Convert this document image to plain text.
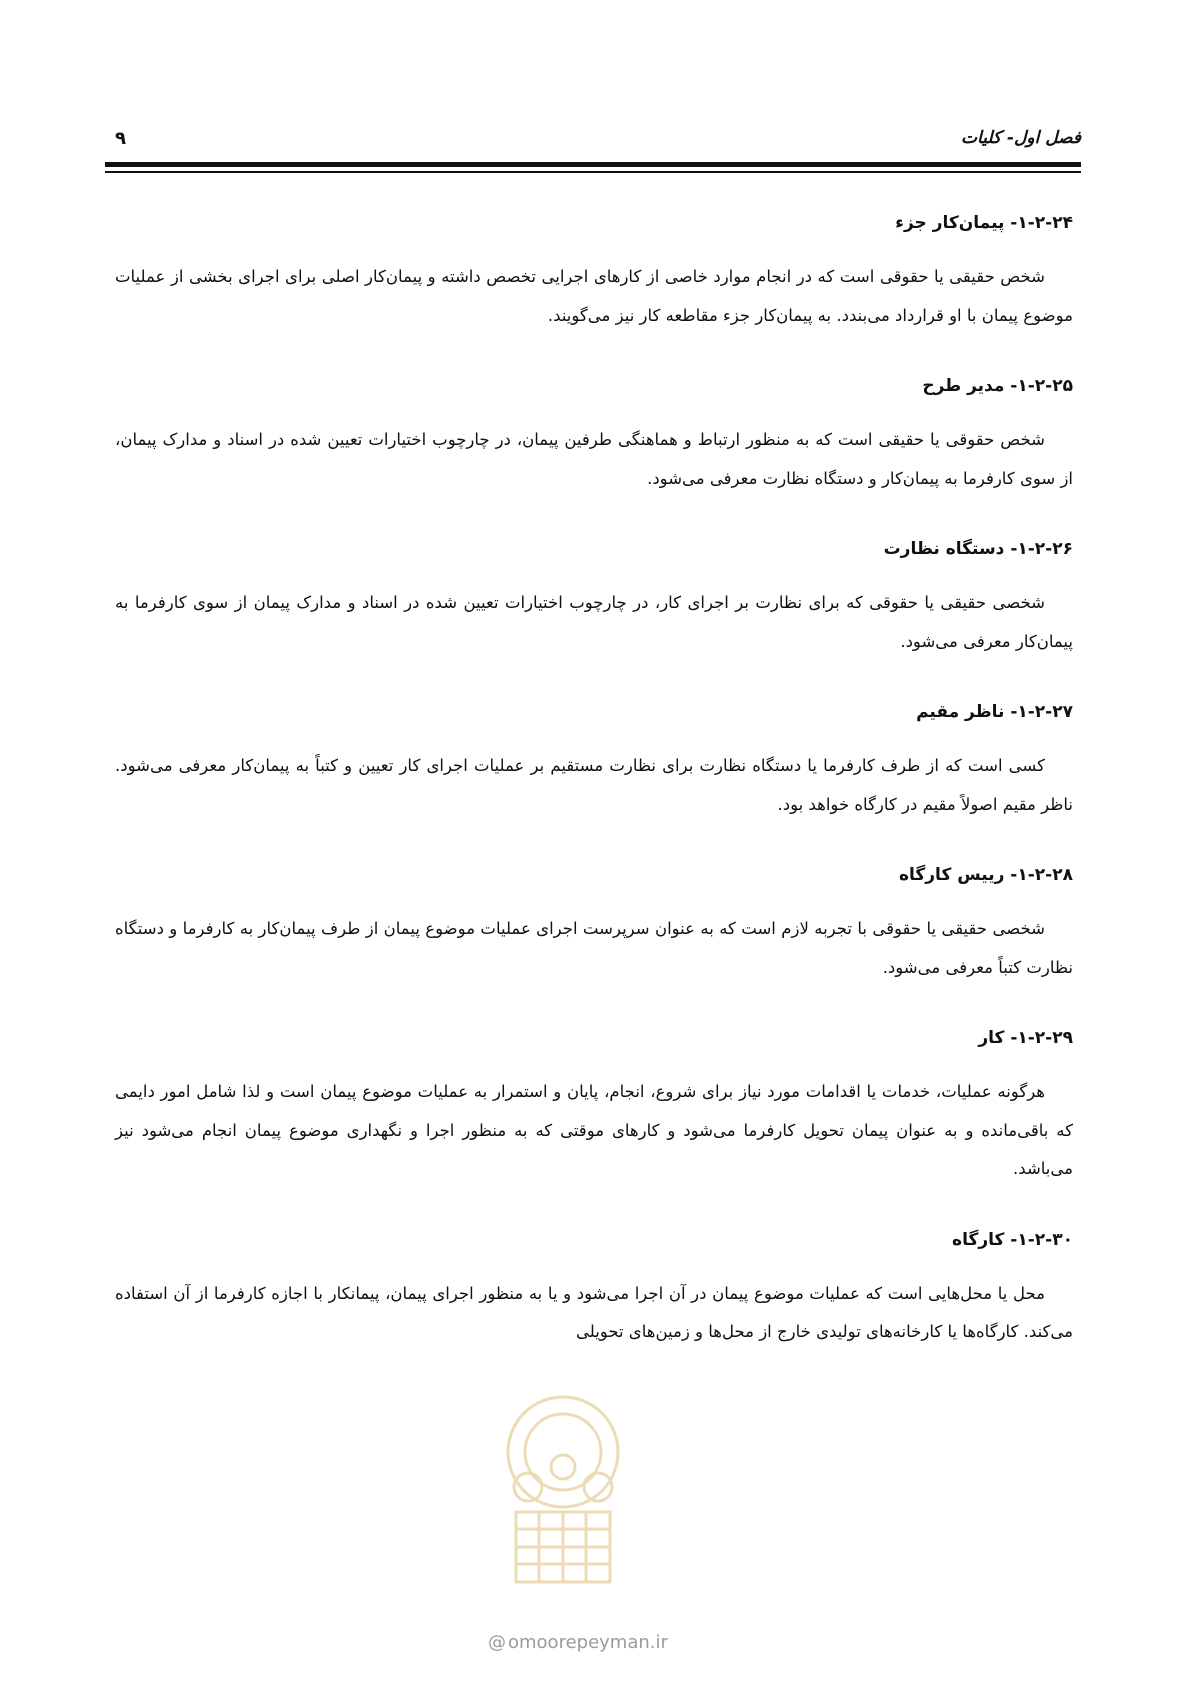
فصل اول- کلیات
۹
۱-۲-۲۴- پیمان‌کار جزء

شخص حقیقی یا حقوقی است که در انجام موارد خاصی از کارهای اجرایی تخصص داشته و پیمان‌کار اصلی برای اجرای بخشی از عملیات موضوع پیمان با او قرارداد می‌بندد. به پیمان‌کار جزء مقاطعه کار نیز می‌گویند.

۱-۲-۲۵- مدیر طرح

شخص حقوقی یا حقیقی است که به منظور ارتباط و هماهنگی طرفین پیمان، در چارچوب اختیارات تعیین شده در اسناد و مدارک پیمان، از سوی کارفرما به پیمان‌کار و دستگاه نظارت معرفی می‌شود.

۱-۲-۲۶- دستگاه نظارت

شخصی حقیقی یا حقوقی که برای نظارت بر اجرای کار، در چارچوب اختیارات تعیین شده در اسناد و مدارک پیمان از سوی کارفرما به پیمان‌کار معرفی می‌شود.

۱-۲-۲۷- ناظر مقیم

کسی است که از طرف کارفرما یا دستگاه نظارت برای نظارت مستقیم بر عملیات اجرای کار تعیین و کتباً به پیمان‌کار معرفی می‌شود. ناظر مقیم اصولاً مقیم در کارگاه خواهد بود.

۱-۲-۲۸- رییس کارگاه

شخصی حقیقی یا حقوقی با تجربه لازم است که به عنوان سرپرست اجرای عملیات موضوع پیمان از طرف پیمان‌کار به کارفرما و دستگاه نظارت کتباً معرفی می‌شود.

۱-۲-۲۹- کار

هرگونه عملیات، خدمات یا اقدامات مورد نیاز برای شروع، انجام، پایان و استمرار به عملیات موضوع پیمان است و لذا شامل امور دایمی که باقی‌مانده و به عنوان پیمان تحویل کارفرما می‌شود و کارهای موقتی که به منظور اجرا و نگهداری موضوع پیمان انجام می‌شود نیز می‌باشد.

۱-۲-۳۰- کارگاه

محل یا محل‌هایی است که عملیات موضوع پیمان در آن اجرا می‌شود و یا به منظور اجرای پیمان، پیمانکار با اجازه کارفرما از آن استفاده می‌کند. کارگاه‌ها یا کارخانه‌های تولیدی خارج از محل‌ها و زمین‌های تحویلی

@ omoorepeyman.ir
